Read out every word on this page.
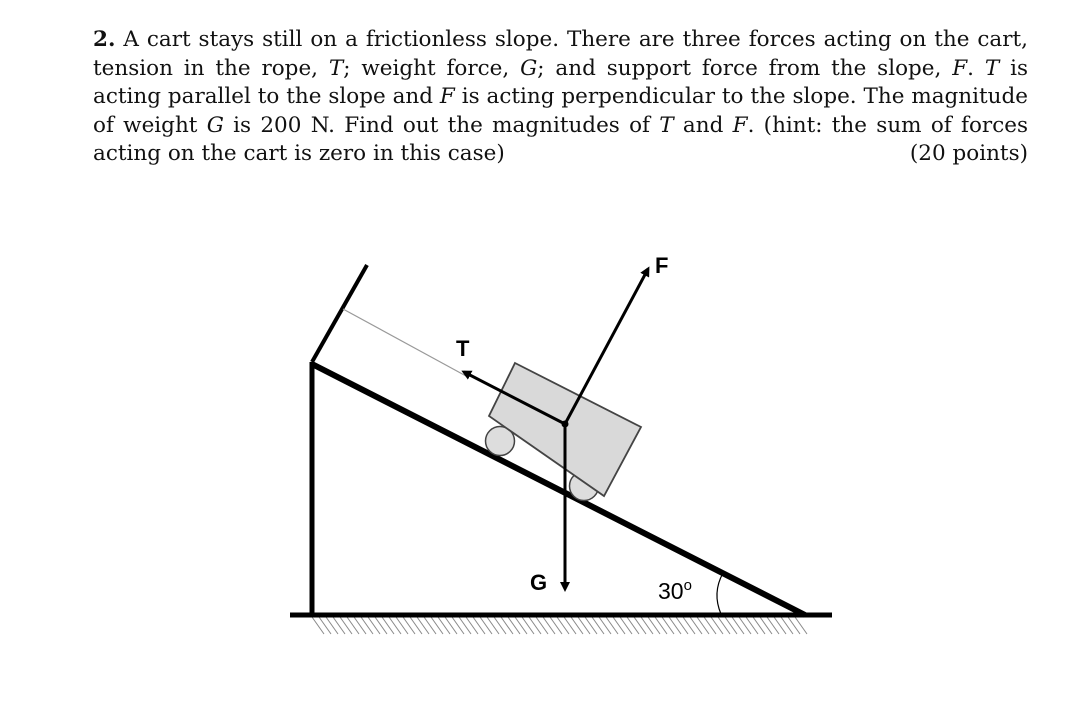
2. A cart stays still on a frictionless slope. There are three forces acting on the cart, tension in the rope, T; weight force, G; and support force from the slope, F. T is acting parallel to the slope and F is acting perpendicular to the slope. The magnitude of weight G is 200 N. Find out the magnitudes of T and F. (hint: the sum of forces acting on the cart is zero in this case)	(20 points)
F
T
G	30$^o$
